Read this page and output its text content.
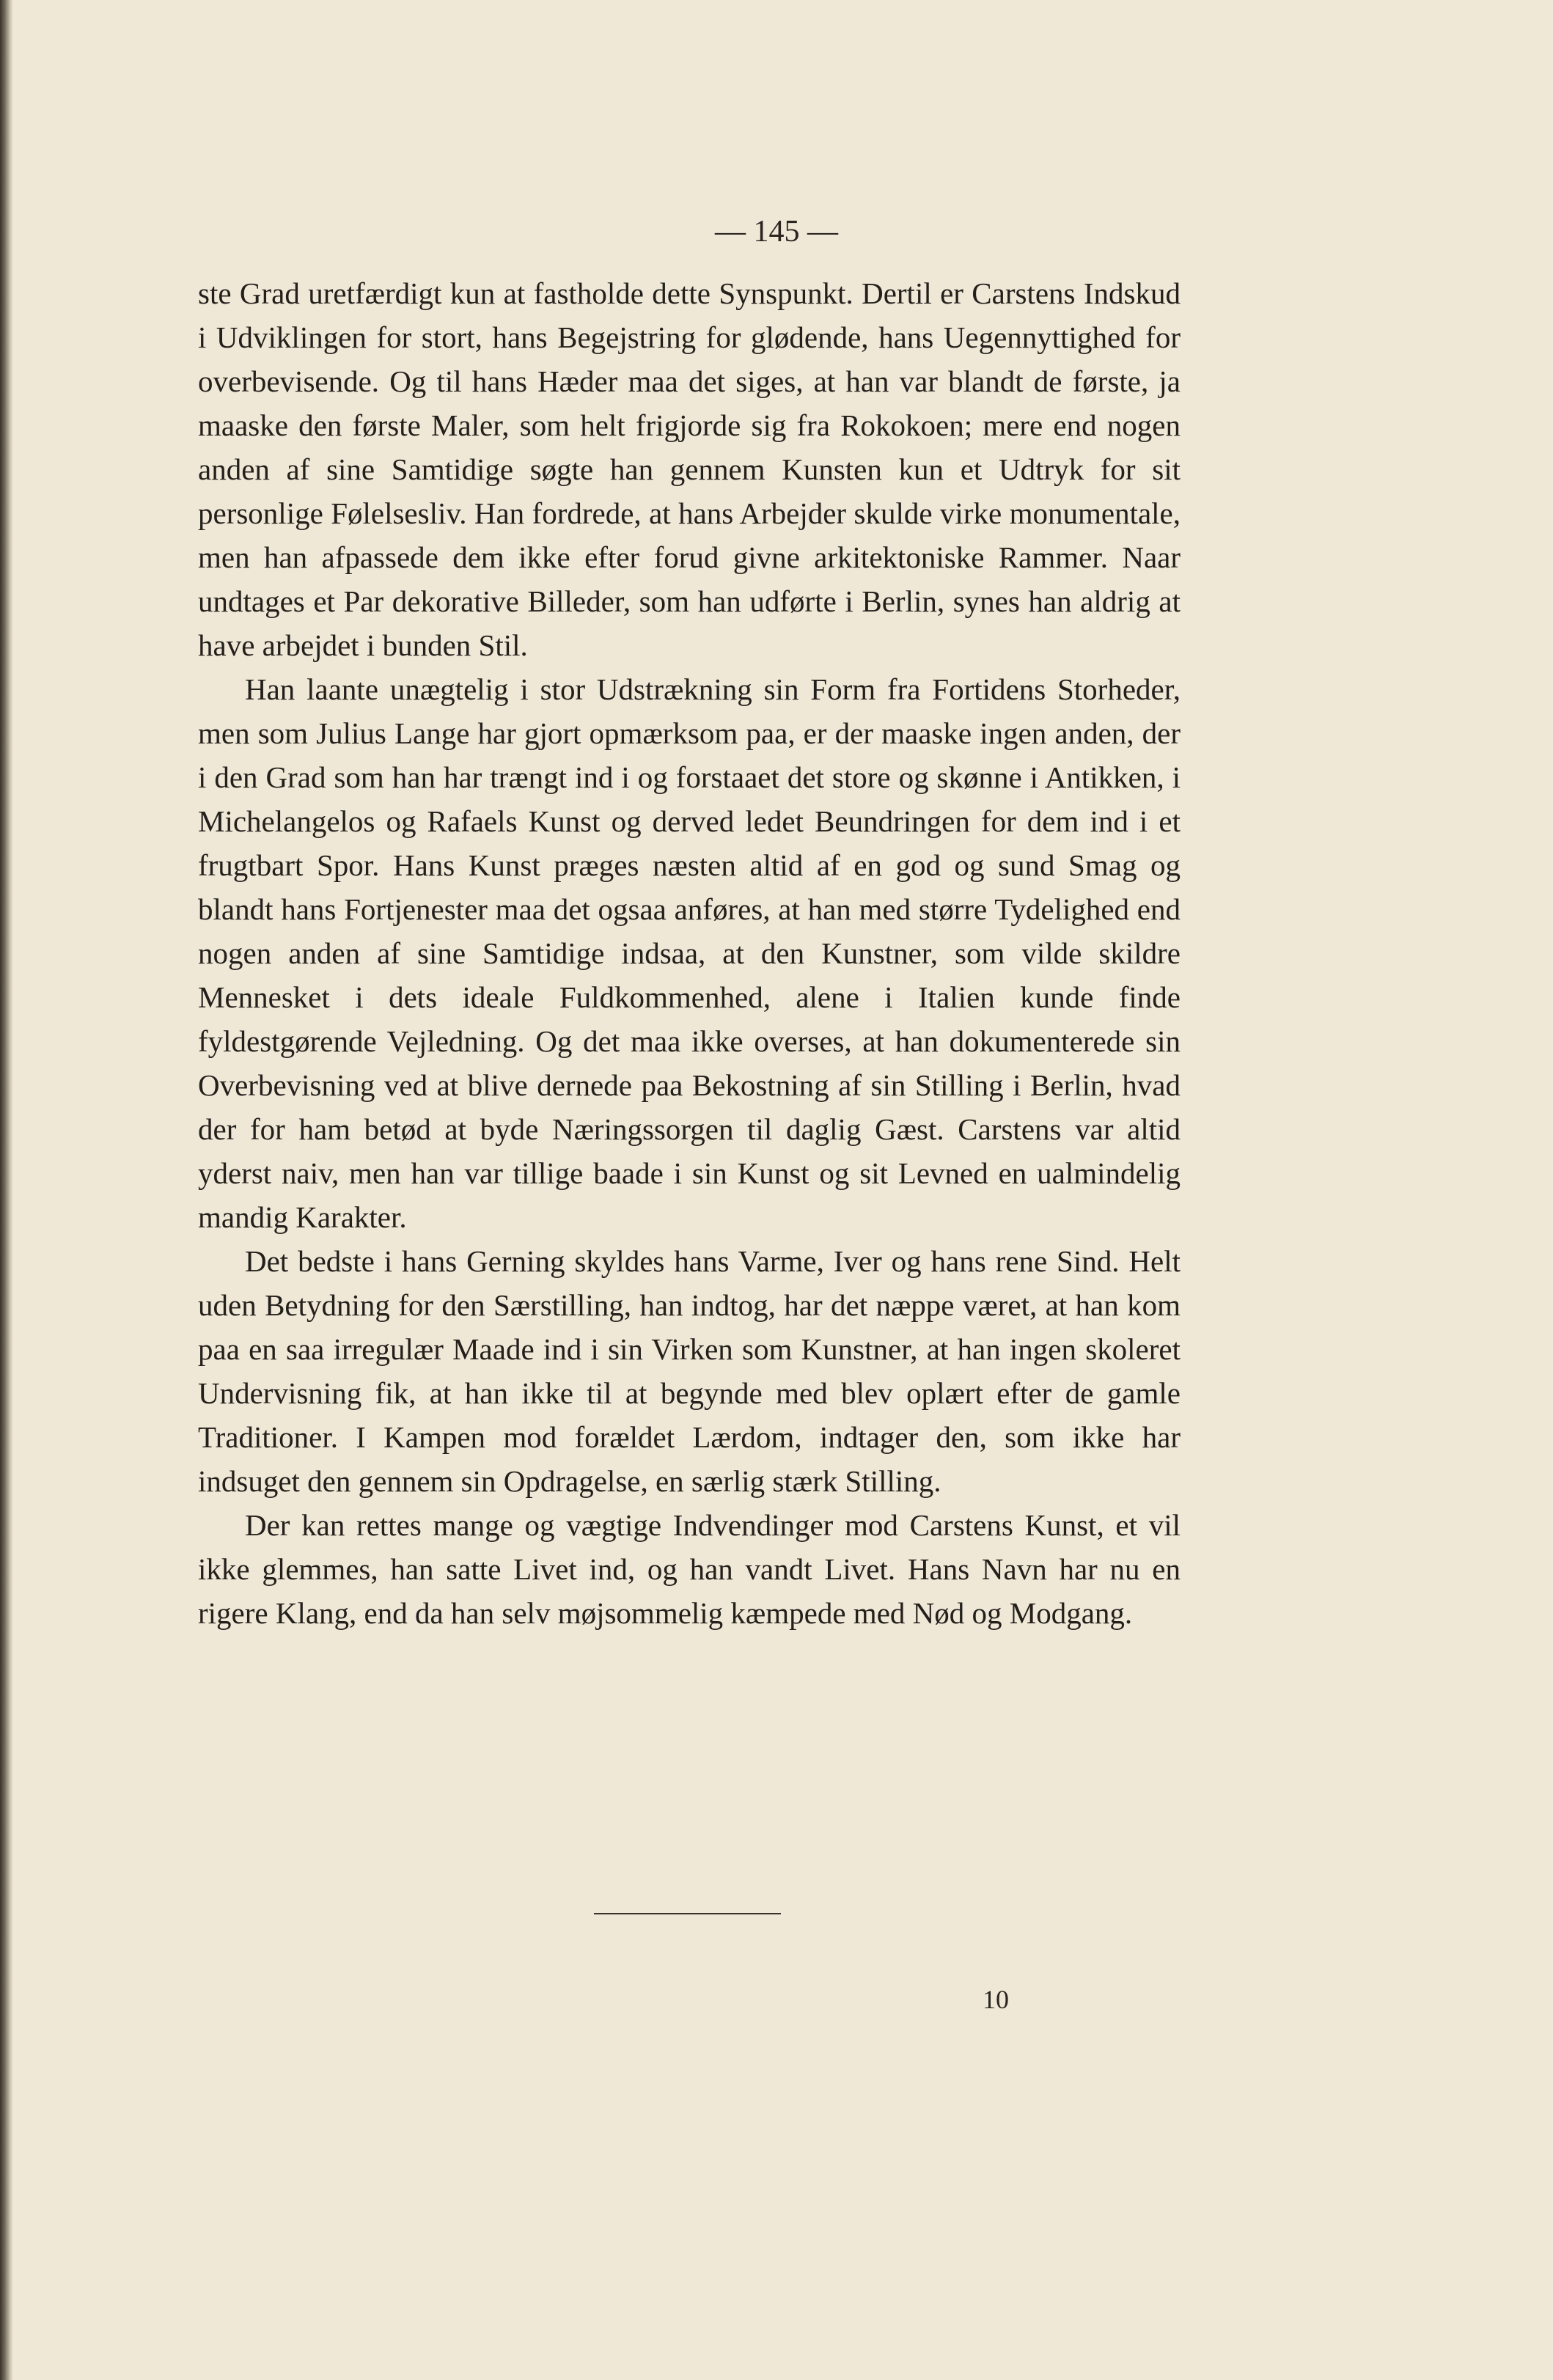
— 145 —

ste Grad uretfærdigt kun at fastholde dette Synspunkt. Dertil er Carstens Indskud i Udviklingen for stort, hans Begejstring for glødende, hans Uegennyttighed for overbevisende. Og til hans Hæder maa det siges, at han var blandt de første, ja maaske den første Maler, som helt frigjorde sig fra Rokokoen; mere end nogen anden af sine Samtidige søgte han gennem Kunsten kun et Udtryk for sit personlige Følelsesliv. Han fordrede, at hans Arbejder skulde virke monumentale, men han afpassede dem ikke efter forud givne arkitektoniske Rammer. Naar undtages et Par dekorative Billeder, som han udførte i Berlin, synes han aldrig at have arbejdet i bunden Stil.

Han laante unægtelig i stor Udstrækning sin Form fra Fortidens Storheder, men som Julius Lange har gjort opmærksom paa, er der maaske ingen anden, der i den Grad som han har trængt ind i og forstaaet det store og skønne i Antikken, i Michelangelos og Rafaels Kunst og derved ledet Beundringen for dem ind i et frugtbart Spor. Hans Kunst præges næsten altid af en god og sund Smag og blandt hans Fortjenester maa det ogsaa anføres, at han med større Tydelighed end nogen anden af sine Samtidige indsaa, at den Kunstner, som vilde skildre Mennesket i dets ideale Fuldkommenhed, alene i Italien kunde finde fyldestgørende Vejledning. Og det maa ikke overses, at han dokumenterede sin Overbevisning ved at blive dernede paa Bekostning af sin Stilling i Berlin, hvad der for ham betød at byde Næringssorgen til daglig Gæst. Carstens var altid yderst naiv, men han var tillige baade i sin Kunst og sit Levned en ualmindelig mandig Karakter.

Det bedste i hans Gerning skyldes hans Varme, Iver og hans rene Sind. Helt uden Betydning for den Særstilling, han indtog, har det næppe været, at han kom paa en saa irregulær Maade ind i sin Virken som Kunstner, at han ingen skoleret Undervisning fik, at han ikke til at begynde med blev oplært efter de gamle Traditioner. I Kampen mod forældet Lærdom, indtager den, som ikke har indsuget den gennem sin Opdragelse, en særlig stærk Stilling.

Der kan rettes mange og vægtige Indvendinger mod Carstens Kunst, et vil ikke glemmes, han satte Livet ind, og han vandt Livet. Hans Navn har nu en rigere Klang, end da han selv møjsommelig kæmpede med Nød og Modgang.

10
